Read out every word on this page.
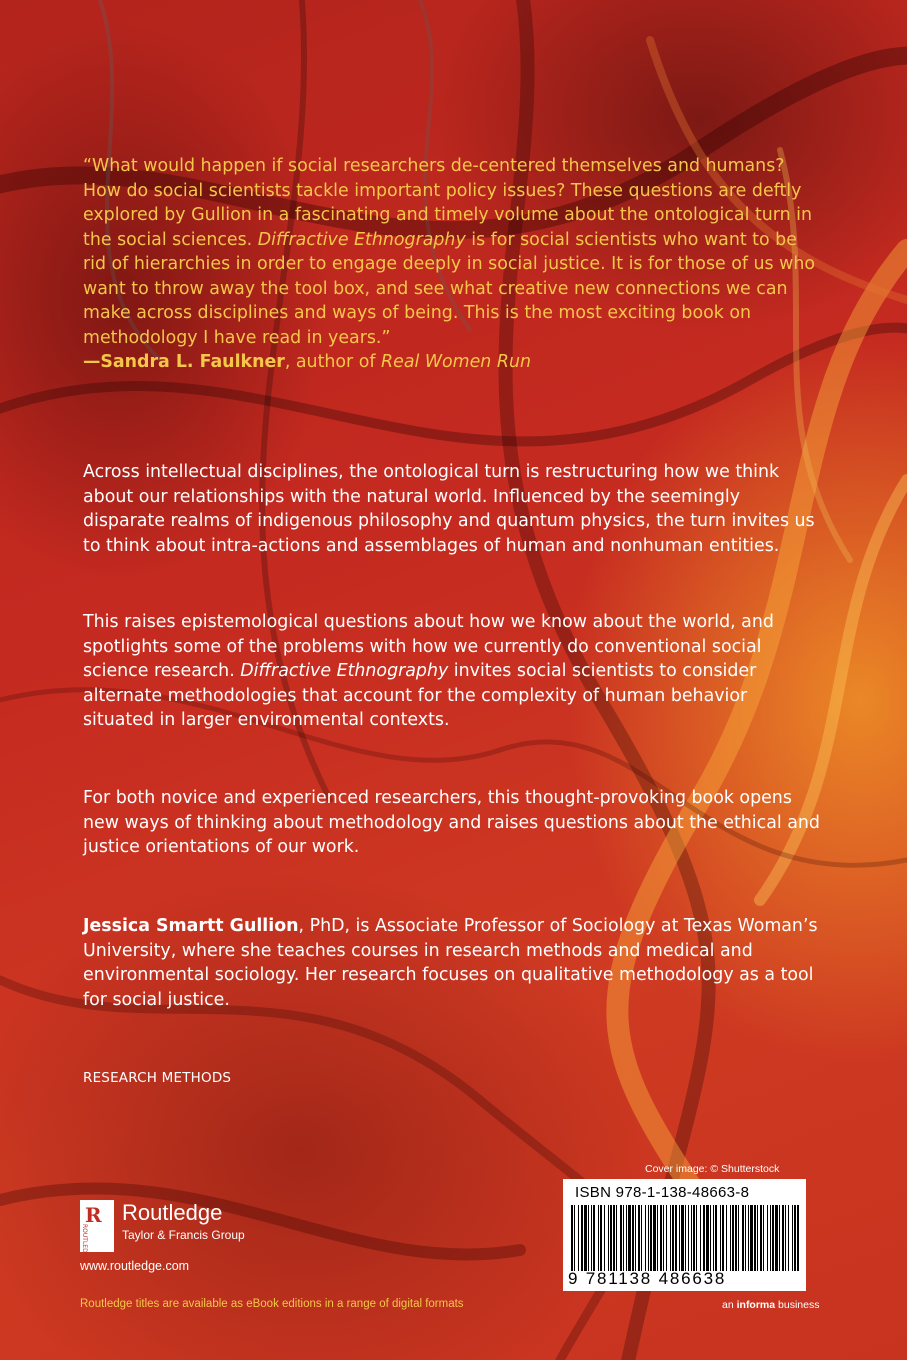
“What would happen if social researchers de-centered themselves and humans? How do social scientists tackle important policy issues? These questions are deftly explored by Gullion in a fascinating and timely volume about the ontological turn in the social sciences. Diffractive Ethnography is for social scientists who want to be rid of hierarchies in order to engage deeply in social justice. It is for those of us who want to throw away the tool box, and see what creative new connections we can make across disciplines and ways of being. This is the most exciting book on methodology I have read in years.”
—Sandra L. Faulkner, author of Real Women Run
Across intellectual disciplines, the ontological turn is restructuring how we think about our relationships with the natural world. Influenced by the seemingly disparate realms of indigenous philosophy and quantum physics, the turn invites us to think about intra-actions and assemblages of human and nonhuman entities.
This raises epistemological questions about how we know about the world, and spotlights some of the problems with how we currently do conventional social science research. Diffractive Ethnography invites social scientists to consider alternate methodologies that account for the complexity of human behavior situated in larger environmental contexts.
For both novice and experienced researchers, this thought-provoking book opens new ways of thinking about methodology and raises questions about the ethical and justice orientations of our work.
Jessica Smartt Gullion, PhD, is Associate Professor of Sociology at Texas Woman’s University, where she teaches courses in research methods and medical and environmental sociology. Her research focuses on qualitative methodology as a tool for social justice.
RESEARCH METHODS
R
ROUTLEDGE
Routledge
Taylor & Francis Group
www.routledge.com
Routledge titles are available as eBook editions in a range of digital formats
Cover image: © Shutterstock
ISBN 978-1-138-48663-8
9 781138 486638
an informa business
